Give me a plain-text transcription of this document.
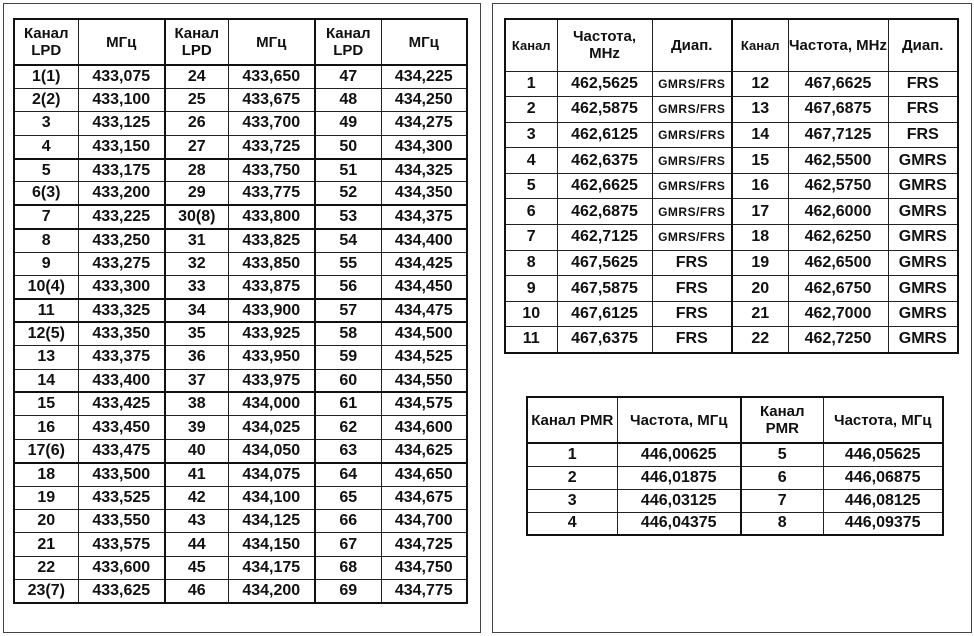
Канал LPD	МГц	Канал LPD	МГц	Канал LPD	МГц
1(1)	433,075	24	433,650	47	434,225
2(2)	433,100	25	433,675	48	434,250
3	433,125	26	433,700	49	434,275
4	433,150	27	433,725	50	434,300
5	433,175	28	433,750	51	434,325
6(3)	433,200	29	433,775	52	434,350
7	433,225	30(8)	433,800	53	434,375
8	433,250	31	433,825	54	434,400
9	433,275	32	433,850	55	434,425
10(4)	433,300	33	433,875	56	434,450
11	433,325	34	433,900	57	434,475
12(5)	433,350	35	433,925	58	434,500
13	433,375	36	433,950	59	434,525
14	433,400	37	433,975	60	434,550
15	433,425	38	434,000	61	434,575
16	433,450	39	434,025	62	434,600
17(6)	433,475	40	434,050	63	434,625
18	433,500	41	434,075	64	434,650
19	433,525	42	434,100	65	434,675
20	433,550	43	434,125	66	434,700
21	433,575	44	434,150	67	434,725
22	433,600	45	434,175	68	434,750
23(7)	433,625	46	434,200	69	434,775
Канал	Частота, MHz	Диап.	Канал	Частота, MHz	Диап.
1	462,5625	GMRS/FRS	12	467,6625	FRS
2	462,5875	GMRS/FRS	13	467,6875	FRS
3	462,6125	GMRS/FRS	14	467,7125	FRS
4	462,6375	GMRS/FRS	15	462,5500	GMRS
5	462,6625	GMRS/FRS	16	462,5750	GMRS
6	462,6875	GMRS/FRS	17	462,6000	GMRS
7	462,7125	GMRS/FRS	18	462,6250	GMRS
8	467,5625	FRS	19	462,6500	GMRS
9	467,5875	FRS	20	462,6750	GMRS
10	467,6125	FRS	21	462,7000	GMRS
11	467,6375	FRS	22	462,7250	GMRS
Канал PMR	Частота, МГц	Канал PMR	Частота, МГц
1	446,00625	5	446,05625
2	446,01875	6	446,06875
3	446,03125	7	446,08125
4	446,04375	8	446,09375
